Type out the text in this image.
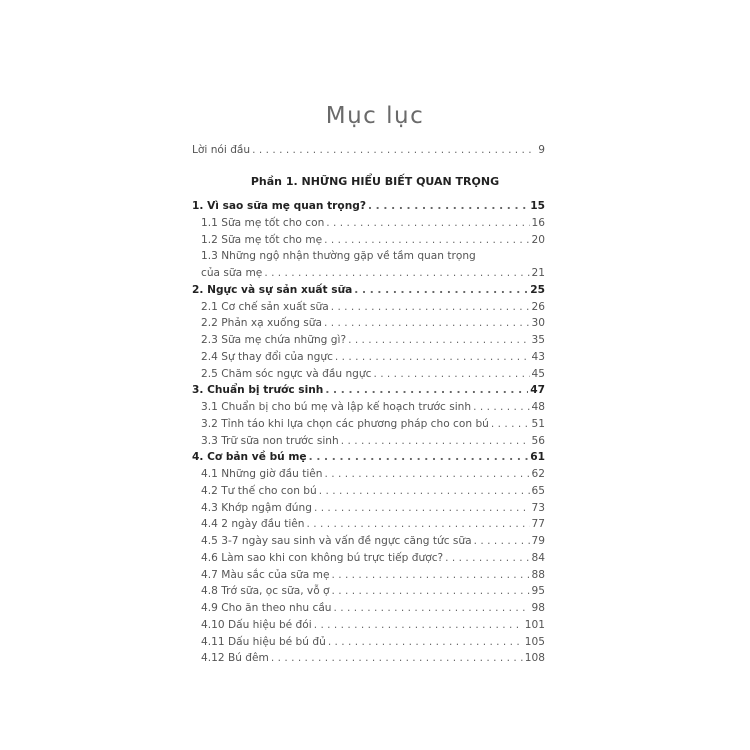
Mục lục
Lời nói đầu . . .	9
Phần 1. NHỮNG HIỂU BIẾT QUAN TRỌNG
1. Vì sao sữa mẹ quan trọng? . . .	15
1.1 Sữa mẹ tốt cho con . . .	16
1.2 Sữa mẹ tốt cho mẹ . . .	20
1.3 Những ngộ nhận thường gặp về tầm quan trọng
của sữa mẹ . . .	21
2. Ngực và sự sản xuất sữa . . .	25
2.1 Cơ chế sản xuất sữa . . .	26
2.2 Phản xạ xuống sữa . . .	30
2.3 Sữa mẹ chứa những gì? . . .	35
2.4 Sự thay đổi của ngực . . .	43
2.5 Chăm sóc ngực và đầu ngực . . .	45
3. Chuẩn bị trước sinh . . .	47
3.1 Chuẩn bị cho bú mẹ và lập kế hoạch trước sinh . . .	48
3.2 Tỉnh táo khi lựa chọn các phương pháp cho con bú . . .	51
3.3 Trữ sữa non trước sinh . . .	56
4. Cơ bản về bú mẹ . . .	61
4.1 Những giờ đầu tiên . . .	62
4.2 Tư thế cho con bú . . .	65
4.3 Khớp ngậm đúng . . .	73
4.4 2 ngày đầu tiên . . .	77
4.5 3-7 ngày sau sinh và vấn đề ngực căng tức sữa . . .	79
4.6 Làm sao khi con không bú trực tiếp được? . . .	84
4.7 Màu sắc của sữa mẹ . . .	88
4.8 Trớ sữa, ọc sữa, vỗ ợ . . .	95
4.9 Cho ăn theo nhu cầu . . .	98
4.10 Dấu hiệu bé đói . . .	101
4.11 Dấu hiệu bé bú đủ . . .	105
4.12 Bú đêm . . .	108
